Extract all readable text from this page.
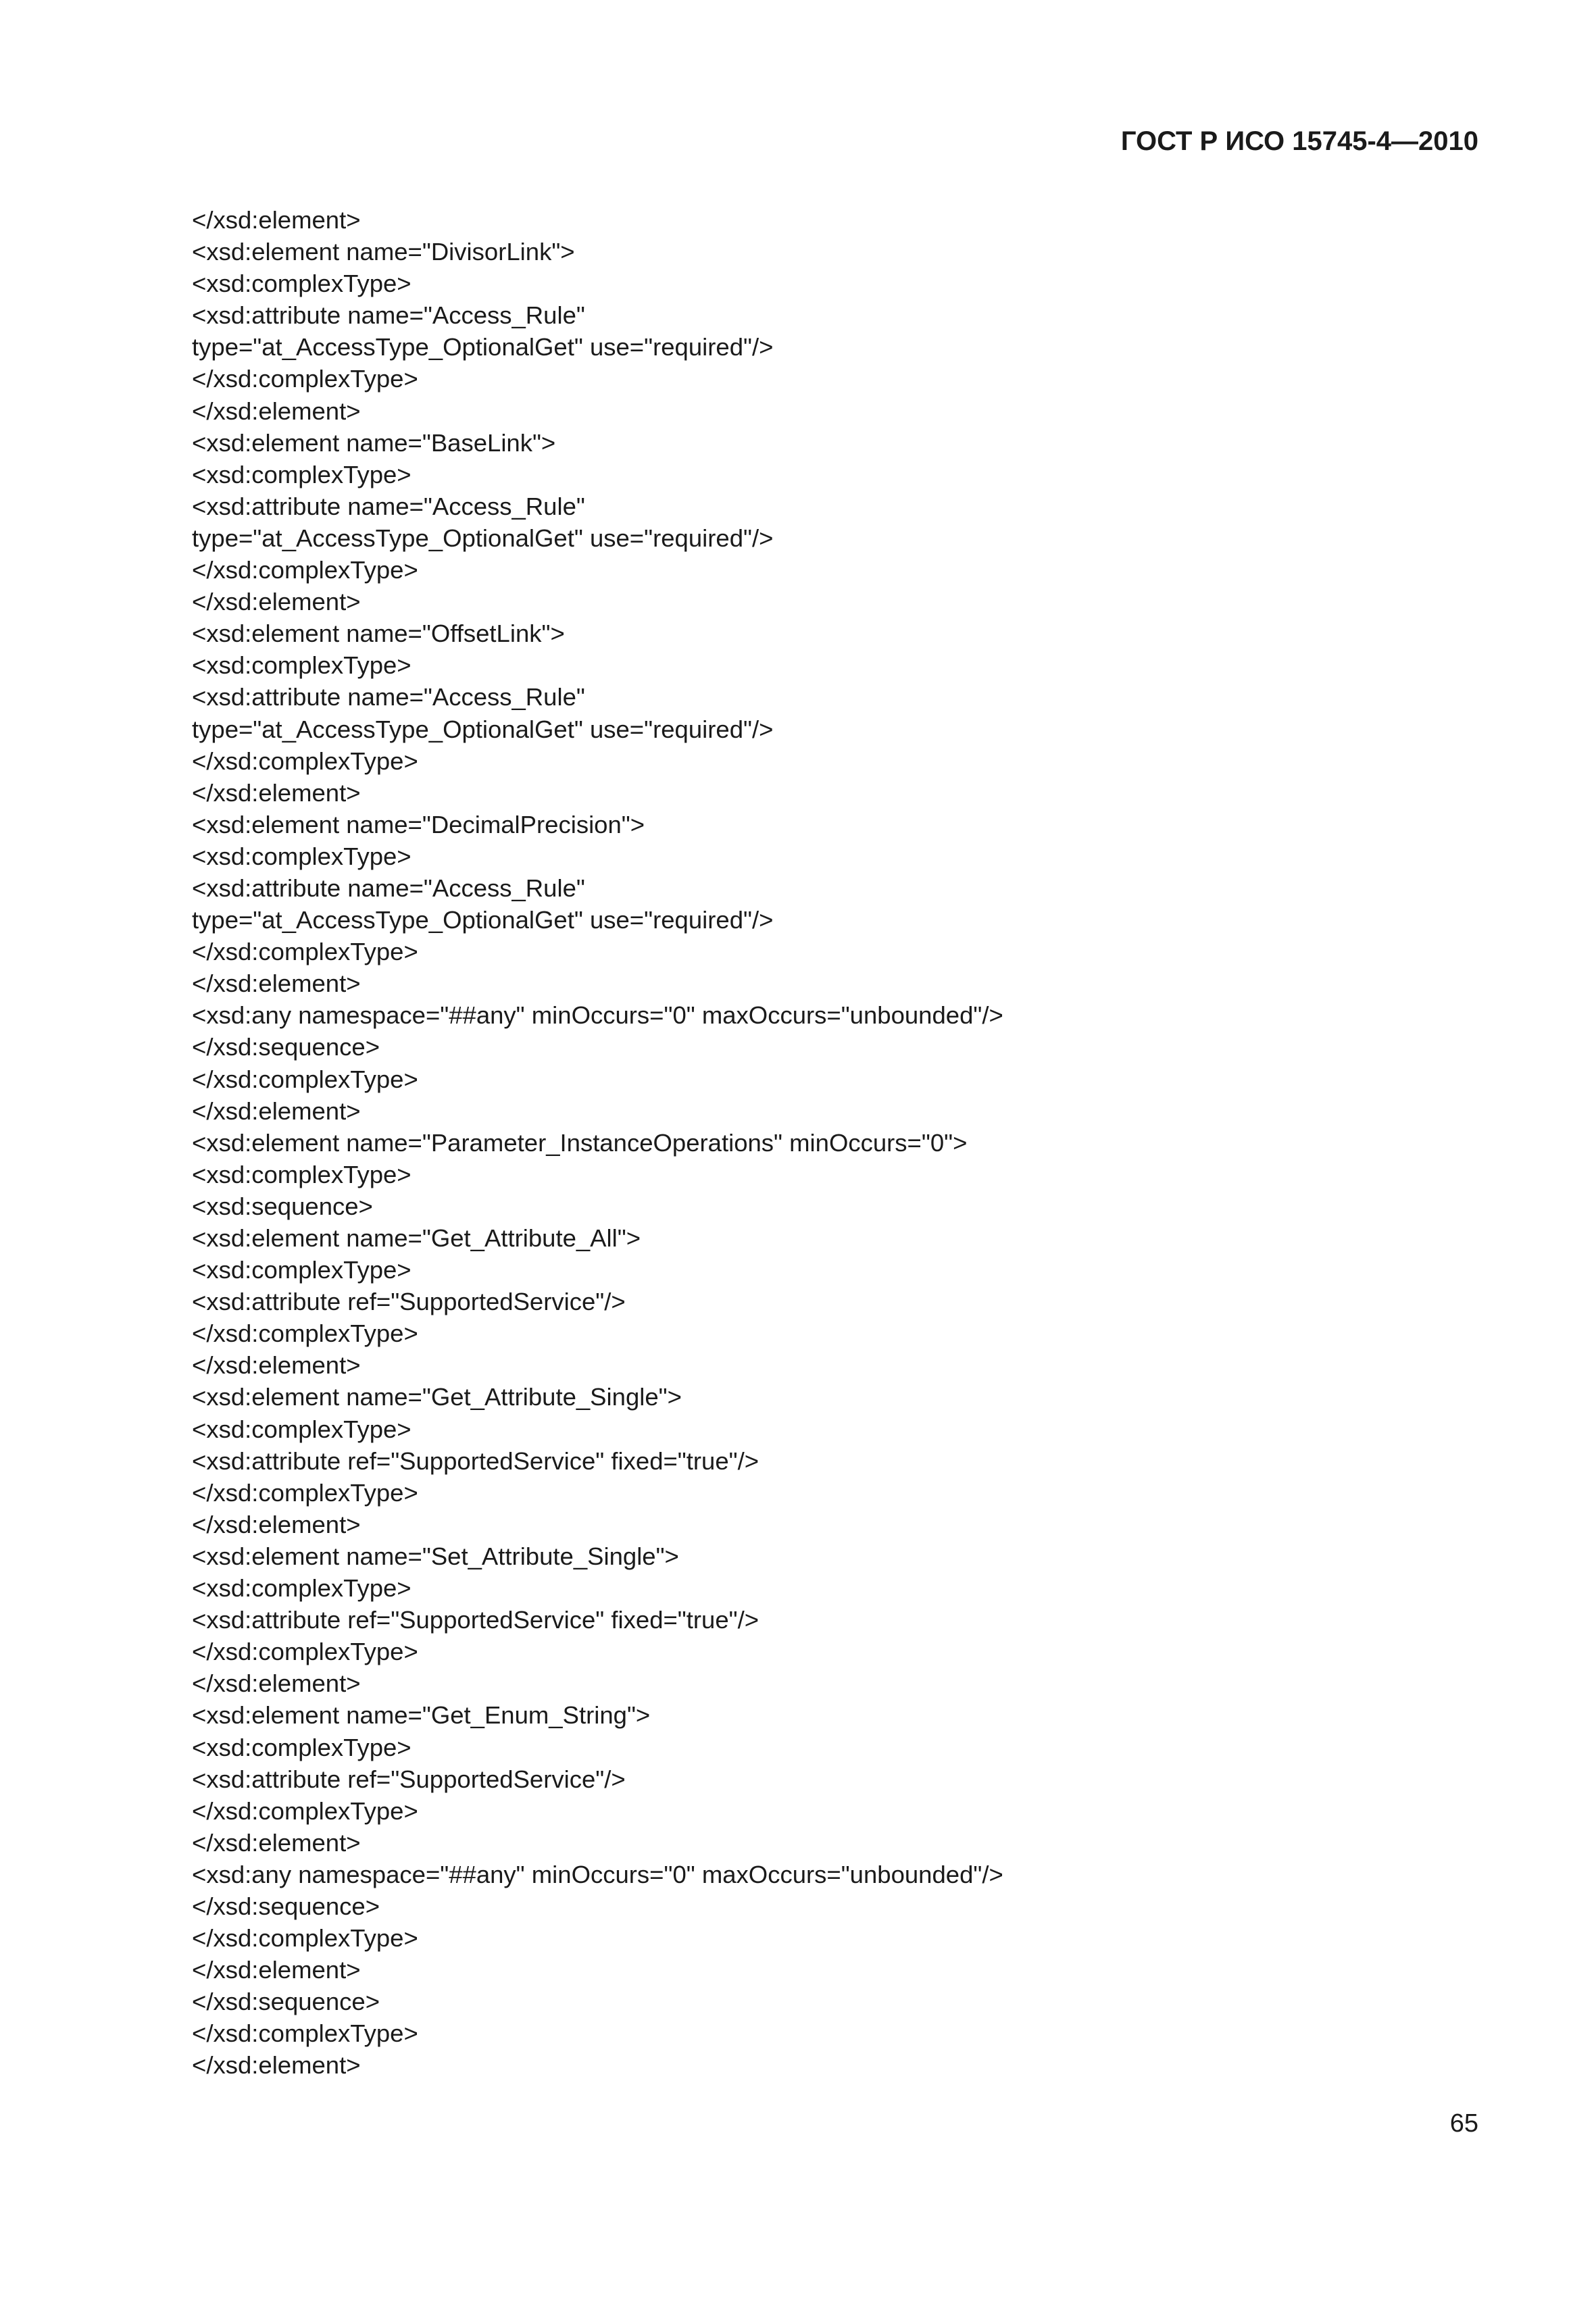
ГОСТ Р ИСО 15745-4—2010
</xsd:element>
<xsd:element name="DivisorLink">
<xsd:complexType>
<xsd:attribute name="Access_Rule"
type="at_AccessType_OptionalGet" use="required"/>
</xsd:complexType>
</xsd:element>
<xsd:element name="BaseLink">
<xsd:complexType>
<xsd:attribute name="Access_Rule"
type="at_AccessType_OptionalGet" use="required"/>
</xsd:complexType>
</xsd:element>
<xsd:element name="OffsetLink">
<xsd:complexType>
<xsd:attribute name="Access_Rule"
type="at_AccessType_OptionalGet" use="required"/>
</xsd:complexType>
</xsd:element>
<xsd:element name="DecimalPrecision">
<xsd:complexType>
<xsd:attribute name="Access_Rule"
type="at_AccessType_OptionalGet" use="required"/>
</xsd:complexType>
</xsd:element>
<xsd:any namespace="##any" minOccurs="0" maxOccurs="unbounded"/>
</xsd:sequence>
</xsd:complexType>
</xsd:element>
<xsd:element name="Parameter_InstanceOperations" minOccurs="0">
<xsd:complexType>
<xsd:sequence>
<xsd:element name="Get_Attribute_All">
<xsd:complexType>
<xsd:attribute ref="SupportedService"/>
</xsd:complexType>
</xsd:element>
<xsd:element name="Get_Attribute_Single">
<xsd:complexType>
<xsd:attribute ref="SupportedService" fixed="true"/>
</xsd:complexType>
</xsd:element>
<xsd:element name="Set_Attribute_Single">
<xsd:complexType>
<xsd:attribute ref="SupportedService" fixed="true"/>
</xsd:complexType>
</xsd:element>
<xsd:element name="Get_Enum_String">
<xsd:complexType>
<xsd:attribute ref="SupportedService"/>
</xsd:complexType>
</xsd:element>
<xsd:any namespace="##any" minOccurs="0" maxOccurs="unbounded"/>
</xsd:sequence>
</xsd:complexType>
</xsd:element>
</xsd:sequence>
</xsd:complexType>
</xsd:element>
65
